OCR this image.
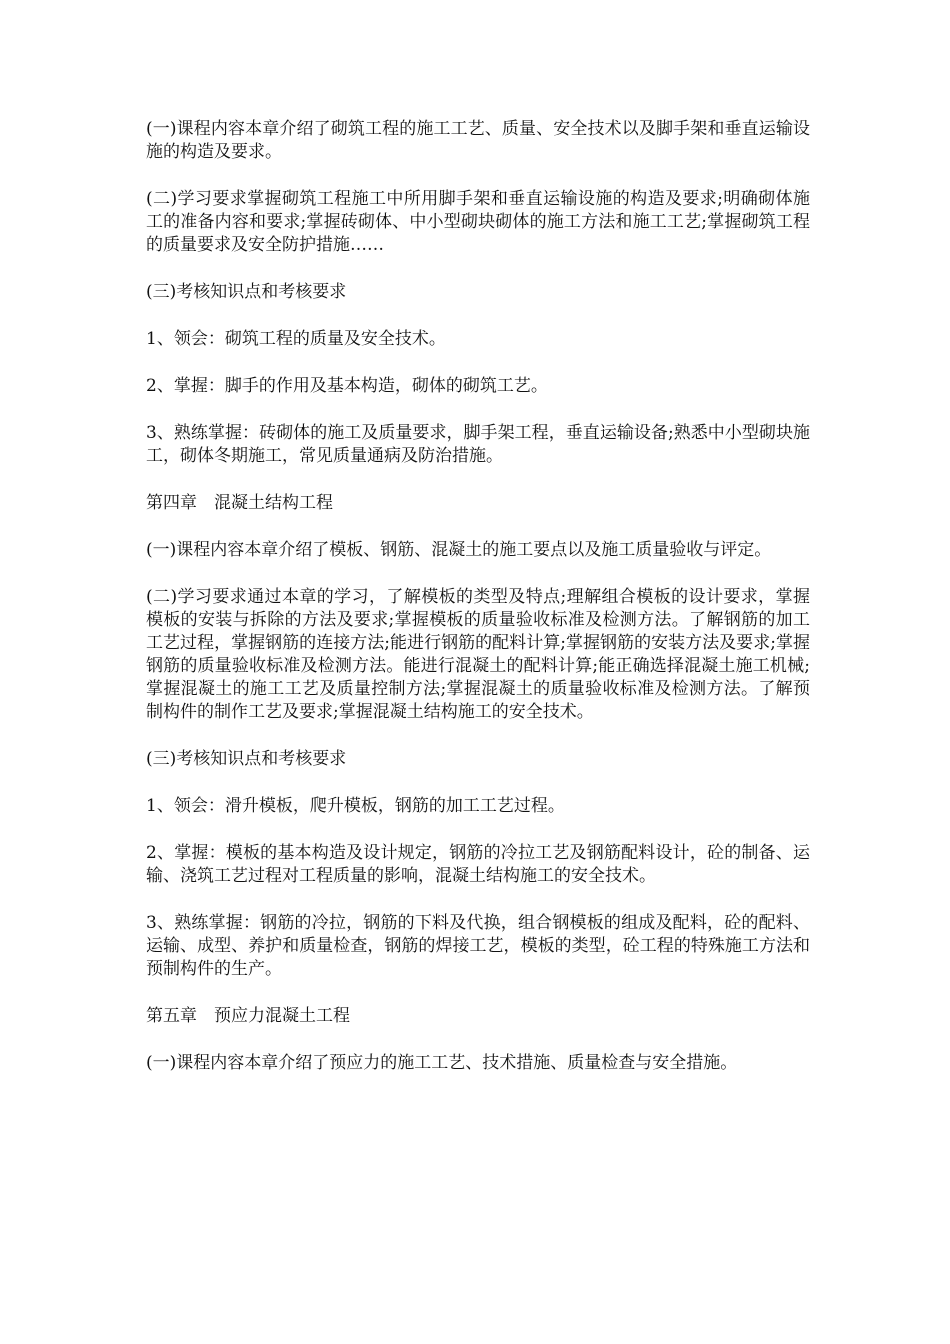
(一)课程内容本章介绍了砌筑工程的施工工艺、质量、安全技术以及脚手架和垂直运输设施的构造及要求。

(二)学习要求掌握砌筑工程施工中所用脚手架和垂直运输设施的构造及要求;明确砌体施工的准备内容和要求;掌握砖砌体、中小型砌块砌体的施工方法和施工工艺;掌握砌筑工程的质量要求及安全防护措施……

(三)考核知识点和考核要求

1、领会：砌筑工程的质量及安全技术。

2、掌握：脚手的作用及基本构造，砌体的砌筑工艺。

3、熟练掌握：砖砌体的施工及质量要求，脚手架工程，垂直运输设备;熟悉中小型砌块施工，砌体冬期施工，常见质量通病及防治措施。

第四章　混凝土结构工程

(一)课程内容本章介绍了模板、钢筋、混凝土的施工要点以及施工质量验收与评定。

(二)学习要求通过本章的学习，了解模板的类型及特点;理解组合模板的设计要求，掌握模板的安装与拆除的方法及要求;掌握模板的质量验收标准及检测方法。了解钢筋的加工工艺过程，掌握钢筋的连接方法;能进行钢筋的配料计算;掌握钢筋的安装方法及要求;掌握钢筋的质量验收标准及检测方法。能进行混凝土的配料计算;能正确选择混凝土施工机械;掌握混凝土的施工工艺及质量控制方法;掌握混凝土的质量验收标准及检测方法。了解预制构件的制作工艺及要求;掌握混凝土结构施工的安全技术。

(三)考核知识点和考核要求

1、领会：滑升模板，爬升模板，钢筋的加工工艺过程。

2、掌握：模板的基本构造及设计规定，钢筋的冷拉工艺及钢筋配料设计，砼的制备、运输、浇筑工艺过程对工程质量的影响，混凝土结构施工的安全技术。

3、熟练掌握：钢筋的冷拉，钢筋的下料及代换，组合钢模板的组成及配料，砼的配料、运输、成型、养护和质量检查，钢筋的焊接工艺，模板的类型，砼工程的特殊施工方法和预制构件的生产。

第五章　预应力混凝土工程

(一)课程内容本章介绍了预应力的施工工艺、技术措施、质量检查与安全措施。
